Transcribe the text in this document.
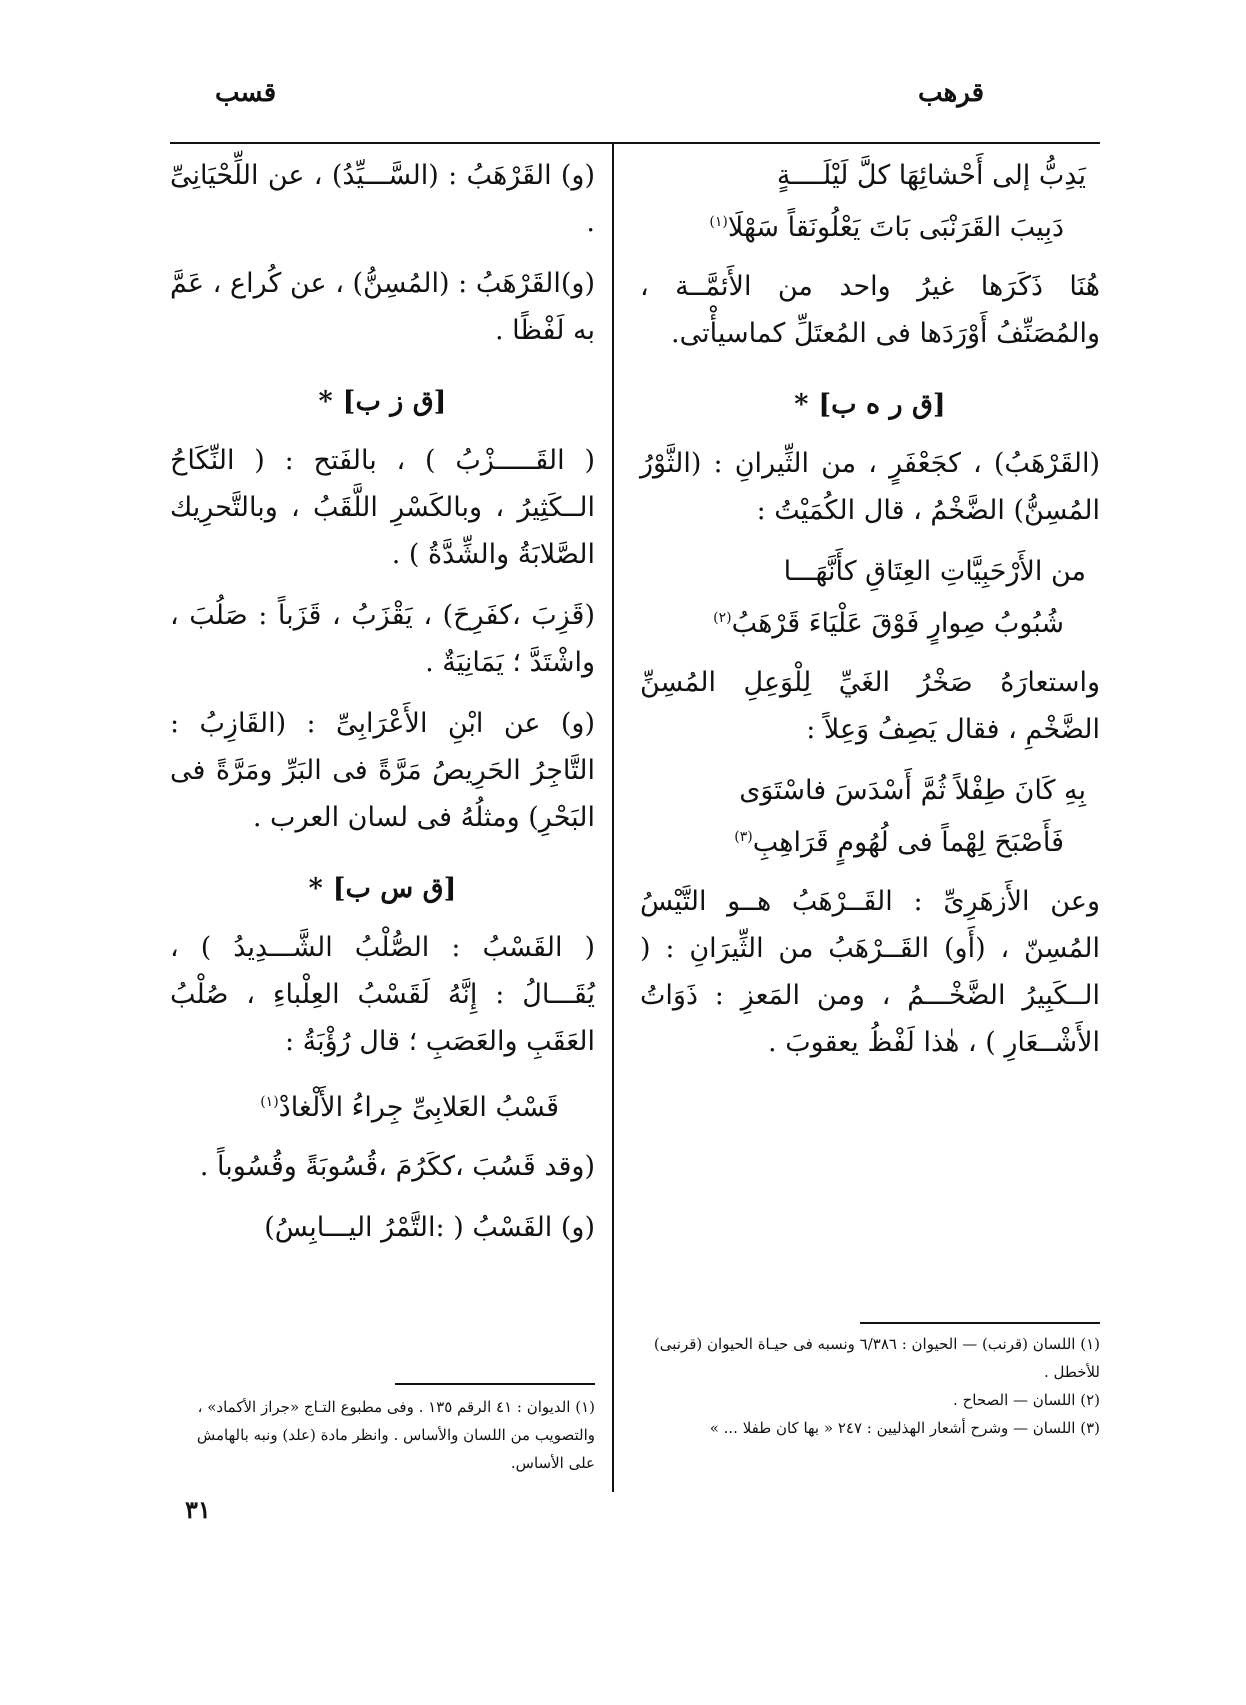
قرهب
قسب
يَدِبُّ إلى أَحْشائِهَا كلَّ لَيْلَــــةٍ
دَبِيبَ القَرَنْبَى بَاتَ يَعْلُونَقاً سَهْلَا$^{(١)}$

هُنَا ذَكَرَها غيرُ واحد من الأَئمَّــة ، والمُصَنِّفُ أَوْرَدَها فى المُعتَلِّ كماسيأْتى.

[ق ر ه ب]*

(القَرْهَبُ) ، كجَعْفَرٍ ، من الثِّيرانِ : (الثَّوْرُ المُسِنُّ) الضَّخْمُ ، قال الكُمَيْتُ :

من الأَرْحَبِيَّاتِ العِتَاقِ كأَنَّهَـــا
شُبُوبُ صِوارٍ فَوْقَ عَلْيَاءَ قَرْهَبُ$^{(٢)}$

واستعارَهُ صَخْرُ الغَيِّ لِلْوَعِلِ المُسِنِّ الضَّخْمِ ، فقال يَصِفُ وَعِلاً :

بِهِ كَانَ طِفْلاً ثُمَّ أَسْدَسَ فاسْتَوَى
فَأَصْبَحَ لِهْماً فى لُهُومٍ قَرَاهِبِ$^{(٣)}$

وعن الأَزهَرِىِّ : القَــرْهَبُ هــو التَّيْسُ المُسِنّ ، (أَو) القَــرْهَبُ من الثِّيرَانِ : ( الــكَبِيرُ الضَّخْـــمُ ، ومن المَعزِ : ذَوَاتُ الأَشْــعَارِ ) ، هٰذا لَفْظُ يعقوبَ .

(و) القَرْهَبُ : (السَّـــيِّدُ) ، عن اللِّحْيَانِىِّ .

(و)القَرْهَبُ : (المُسِنُّ) ، عن كُراع ، عَمَّ به لَفْظًا .

[ق ز ب]*

( القَـــــزْبُ ) ، بالفَتح : ( النِّكَاحُ الــكَثِيرُ ، وبالكَسْرِ اللَّقَبُ ، وبالتَّحرِيك الصَّلابَةُ والشِّدَّةُ ) .

(قَزِبَ ،كفَرِحَ) ، يَقْزَبُ ، قَزَباً : صَلُبَ ، واشْتَدَّ ؛ يَمَانِيَةٌ .

(و) عن ابْنِ الأَعْرَابِىِّ : (القَازِبُ : التَّاجِرُ الحَرِيصُ مَرَّةً فى البَرِّ ومَرَّةً فى البَحْرِ) ومثلُهُ فى لسان العرب .

[ق س ب]*

( القَسْبُ : الصُّلْبُ الشَّـــدِيدُ ) ، يُقَـــالُ : إِنَّهُ لَقَسْبُ العِلْباءِ ، صُلْبُ العَقَبِ والعَصَبِ ؛ قال رُؤْبَةُ :

قَسْبُ العَلابِىِّ جِراءُ الأَلْغادْ$^{(١)}$

(وقد قَسُبَ ،ككَرُمَ ،قُسُوبَةً وقُسُوباً .

(و) القَسْبُ ( :التَّمْرُ اليـــابِسُ)

(١) اللسان (قرنب) — الحيوان : ٦/٣٨٦ ونسبه فى حيـاة الحيوان (قرنبى) للأخطل .

(٢) اللسان — الصحاح .

(٣) اللسان — وشرح أشعار الهذليين : ٢٤٧ « بها كان طفلا ... »

(١) الديوان : ٤١ الرقم ١٣٥ . وفى مطبوع التـاج «جراز الأكماد» ، والتصويب من اللسان والأساس . وانظر مادة (علد) ونبه بالهامش على الأساس.

٣١
